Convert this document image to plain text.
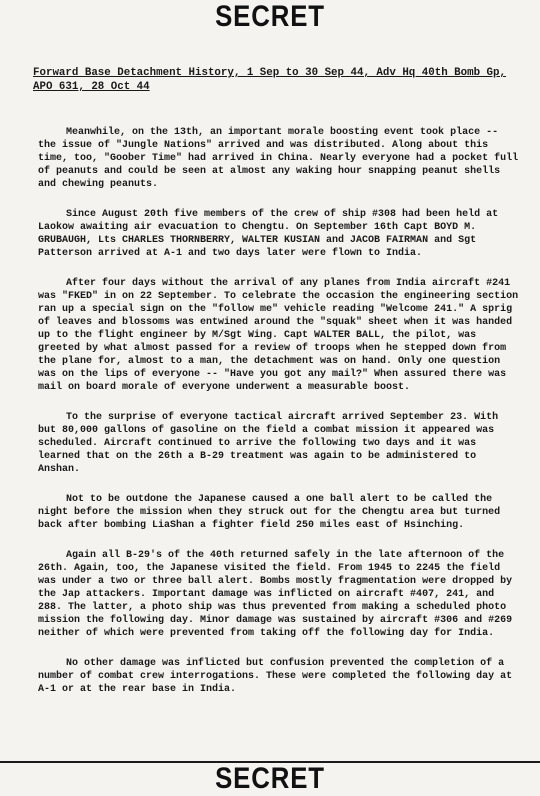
SECRET
Forward Base Detachment History, 1 Sep to 30 Sep 44, Adv Hq 40th Bomb Gp,
APO 631, 28 Oct 44

Meanwhile, on the 13th, an important morale boosting event took place -- the issue of "Jungle Nations" arrived and was distributed. Along about this time, too, "Goober Time" had arrived in China. Nearly everyone had a pocket full of peanuts and could be seen at almost any waking hour snapping peanut shells and chewing peanuts.

Since August 20th five members of the crew of ship #308 had been held at Laokow awaiting air evacuation to Chengtu. On September 16th Capt BOYD M. GRUBAUGH, Lts CHARLES THORNBERRY, WALTER KUSIAN and JACOB FAIRMAN and Sgt Patterson arrived at A-1 and two days later were flown to India.

After four days without the arrival of any planes from India aircraft #241 was "FKED" in on 22 September. To celebrate the occasion the engineering section ran up a special sign on the "follow me" vehicle reading "Welcome 241." A sprig of leaves and blossoms was entwined around the "squak" sheet when it was handed up to the flight engineer by M/Sgt Wing. Capt WALTER BALL, the pilot, was greeted by what almost passed for a review of troops when he stepped down from the plane for, almost to a man, the detachment was on hand. Only one question was on the lips of everyone -- "Have you got any mail?" When assured there was mail on board morale of everyone underwent a measurable boost.

To the surprise of everyone tactical aircraft arrived September 23. With but 80,000 gallons of gasoline on the field a combat mission it appeared was scheduled. Aircraft continued to arrive the following two days and it was learned that on the 26th a B-29 treatment was again to be administered to Anshan.

Not to be outdone the Japanese caused a one ball alert to be called the night before the mission when they struck out for the Chengtu area but turned back after bombing LiaShan a fighter field 250 miles east of Hsinching.

Again all B-29's of the 40th returned safely in the late afternoon of the 26th. Again, too, the Japanese visited the field. From 1945 to 2245 the field was under a two or three ball alert. Bombs mostly fragmentation were dropped by the Jap attackers. Important damage was inflicted on aircraft #407, 241, and 288. The latter, a photo ship was thus prevented from making a scheduled photo mission the following day. Minor damage was sustained by aircraft #306 and #269 neither of which were prevented from taking off the following day for India.

No other damage was inflicted but confusion prevented the completion of a number of combat crew interrogations. These were completed the following day at A-1 or at the rear base in India.

SECRET
